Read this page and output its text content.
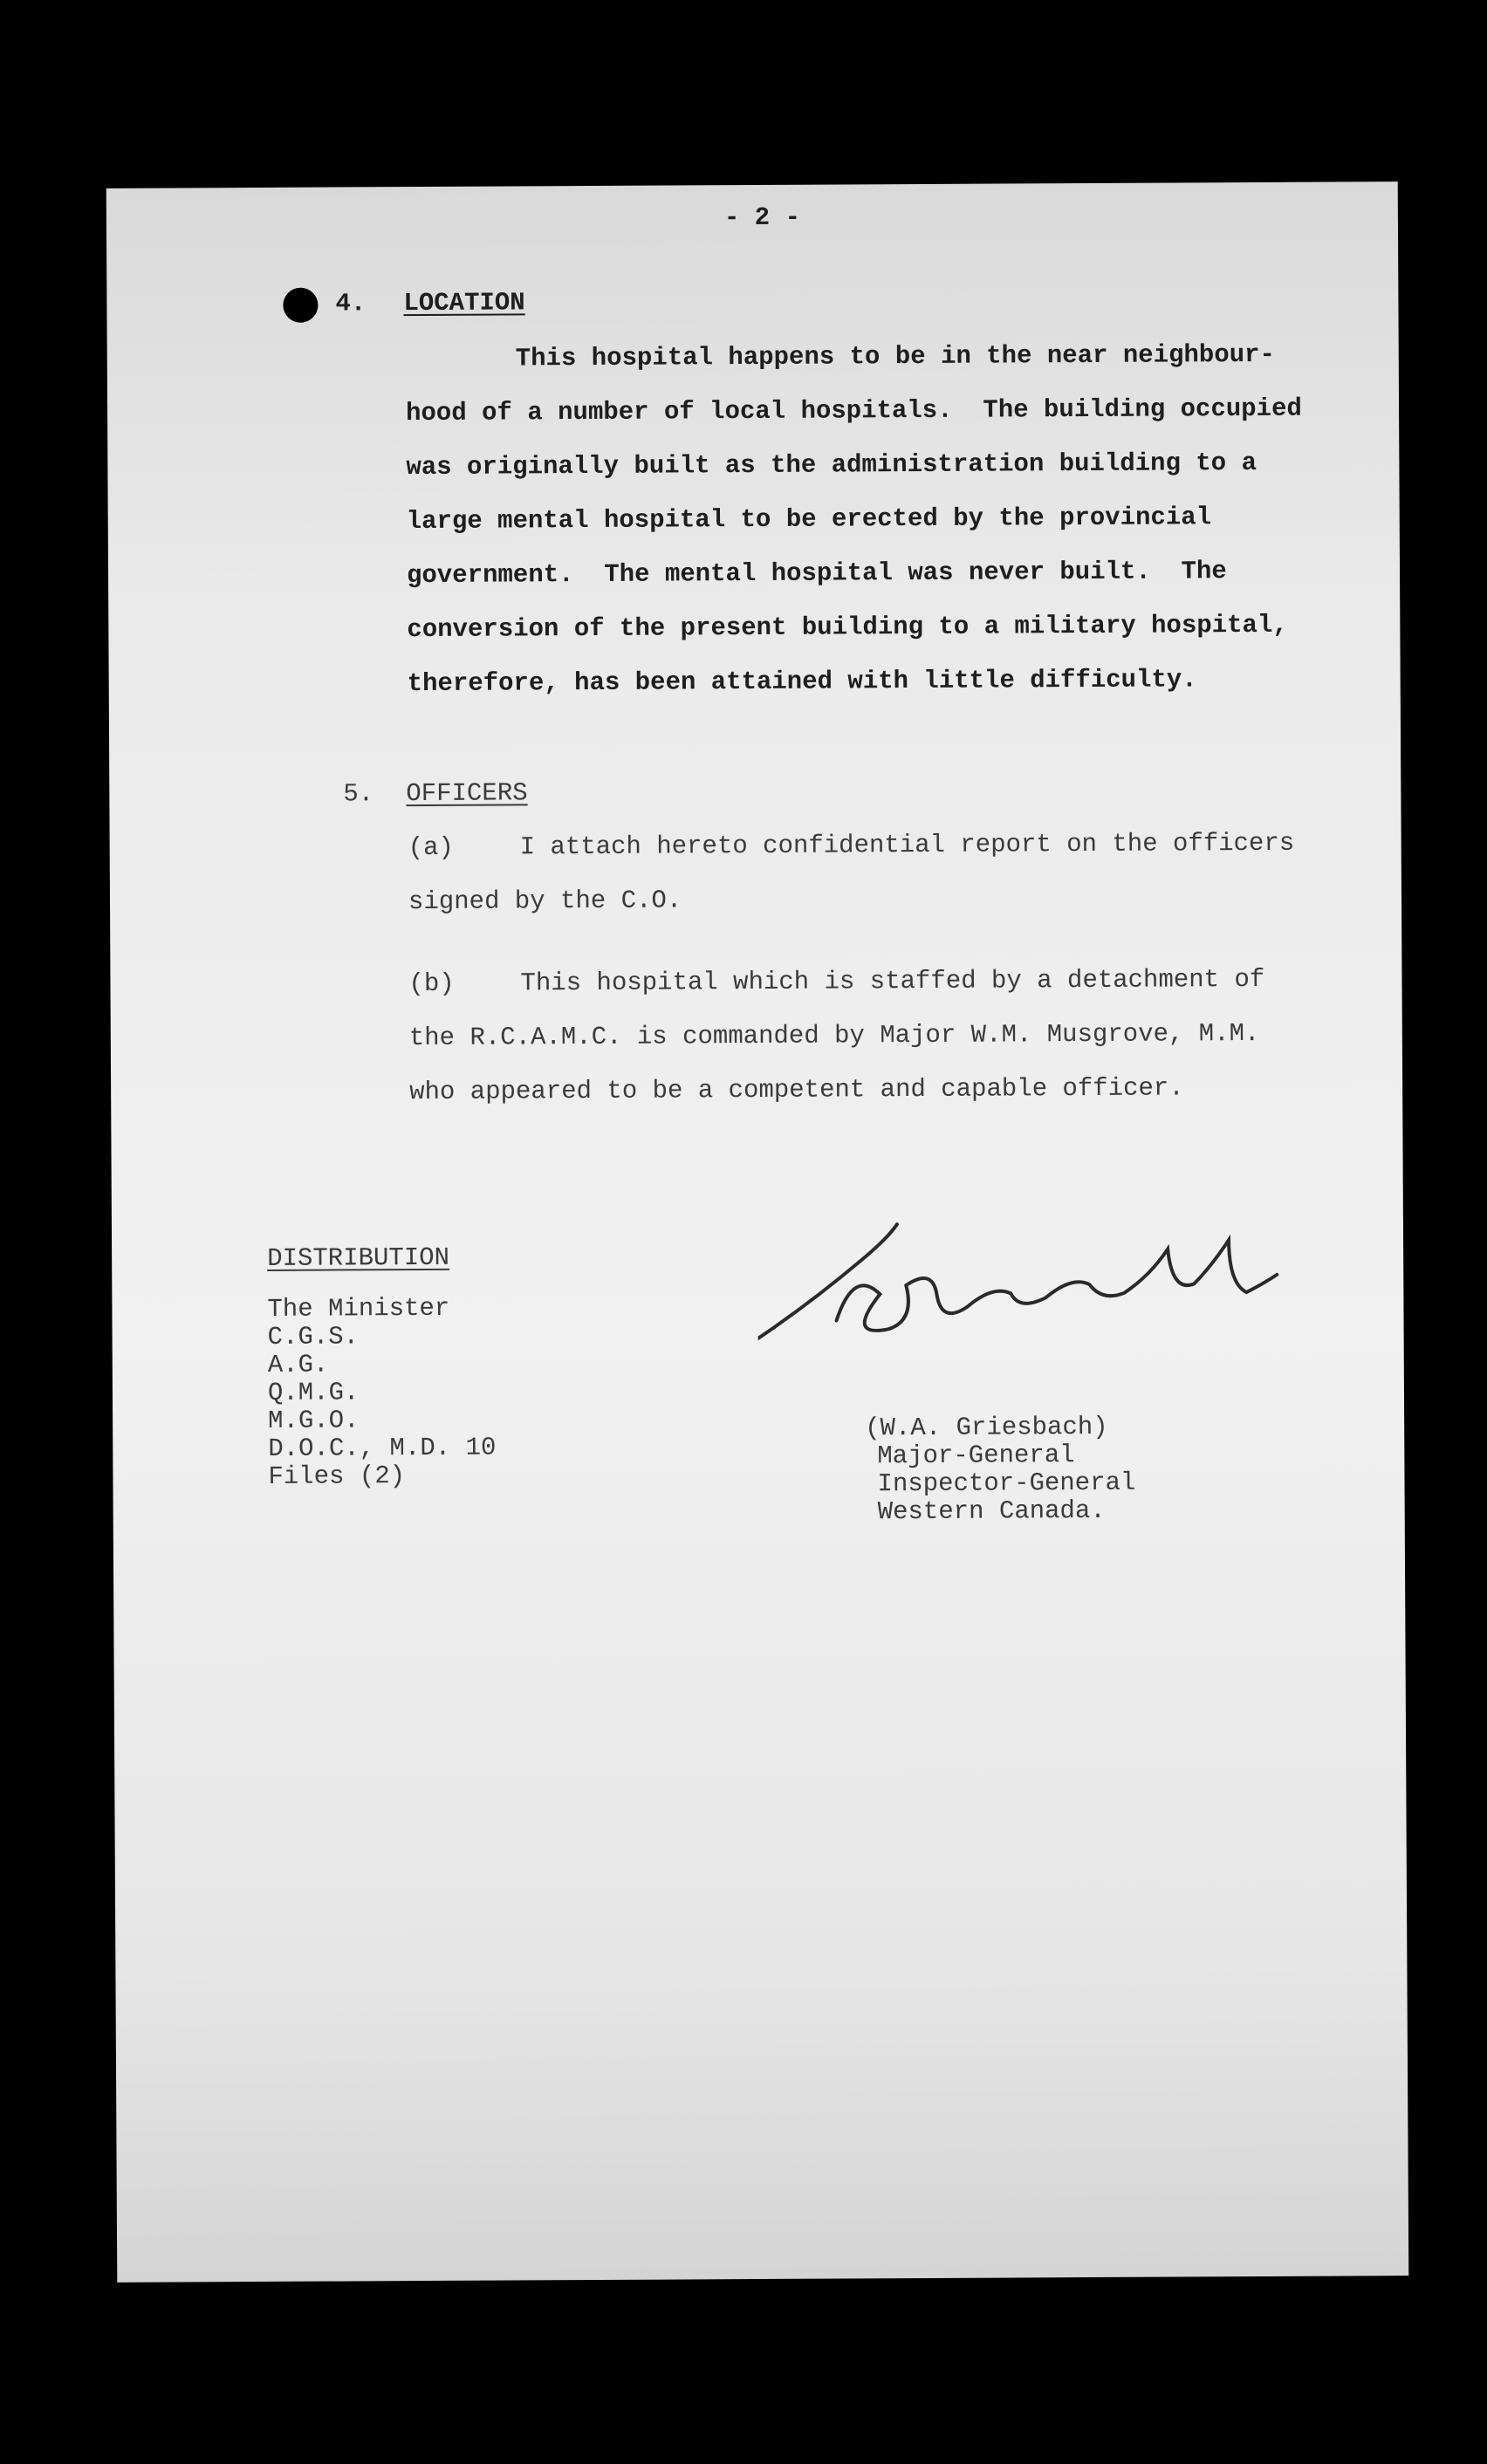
- 2 -
4. LOCATION
This hospital happens to be in the near neighbour-
hood of a number of local hospitals.  The building occupied
was originally built as the administration building to a
large mental hospital to be erected by the provincial
government.  The mental hospital was never built.  The
conversion of the present building to a military hospital,
therefore, has been attained with little difficulty.
5. OFFICERS
(a)	I attach hereto confidential report on the officers
signed by the C.O.
(b)	This hospital which is staffed by a detachment of
the R.C.A.M.C. is commanded by Major W.M. Musgrove, M.M.
who appeared to be a competent and capable officer.
DISTRIBUTION
The Minister
C.G.S.
A.G.
Q.M.G.
M.G.O.
D.O.C., M.D. 10
Files (2)
(W.A. Griesbach)
Major-General
Inspector-General
Western Canada.
